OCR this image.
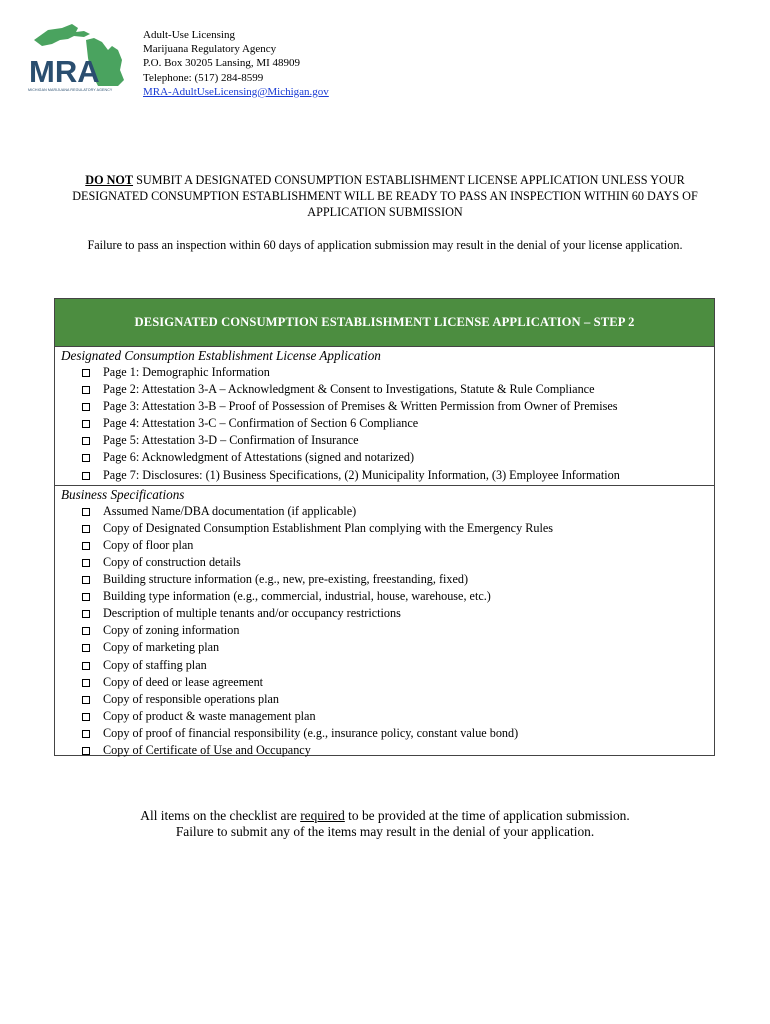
MRA
MICHIGAN MARIJUANA REGULATORY AGENCY
Adult-Use Licensing
Marijuana Regulatory Agency
P.O. Box 30205 Lansing, MI 48909
Telephone: (517) 284-8599
MRA-AdultUseLicensing@Michigan.gov
DO NOT SUMBIT A DESIGNATED CONSUMPTION ESTABLISHMENT LICENSE APPLICATION UNLESS YOUR DESIGNATED CONSUMPTION ESTABLISHMENT WILL BE READY TO PASS AN INSPECTION WITHIN 60 DAYS OF APPLICATION SUBMISSION
Failure to pass an inspection within 60 days of application submission may result in the denial of your license application.
DESIGNATED CONSUMPTION ESTABLISHMENT LICENSE APPLICATION – STEP 2
Designated Consumption Establishment License Application
Page 1: Demographic Information
Page 2: Attestation 3-A – Acknowledgment & Consent to Investigations, Statute & Rule Compliance
Page 3: Attestation 3-B – Proof of Possession of Premises & Written Permission from Owner of Premises
Page 4: Attestation 3-C – Confirmation of Section 6 Compliance
Page 5: Attestation 3-D – Confirmation of Insurance
Page 6: Acknowledgment of Attestations (signed and notarized)
Page 7: Disclosures: (1) Business Specifications, (2) Municipality Information, (3) Employee Information
Business Specifications
Assumed Name/DBA documentation (if applicable)
Copy of Designated Consumption Establishment Plan complying with the Emergency Rules
Copy of floor plan
Copy of construction details
Building structure information (e.g., new, pre-existing, freestanding, fixed)
Building type information (e.g., commercial, industrial, house, warehouse, etc.)
Description of multiple tenants and/or occupancy restrictions
Copy of zoning information
Copy of marketing plan
Copy of staffing plan
Copy of deed or lease agreement
Copy of responsible operations plan
Copy of product & waste management plan
Copy of proof of financial responsibility (e.g., insurance policy, constant value bond)
Copy of Certificate of Use and Occupancy
All items on the checklist are required to be provided at the time of application submission.
Failure to submit any of the items may result in the denial of your application.
